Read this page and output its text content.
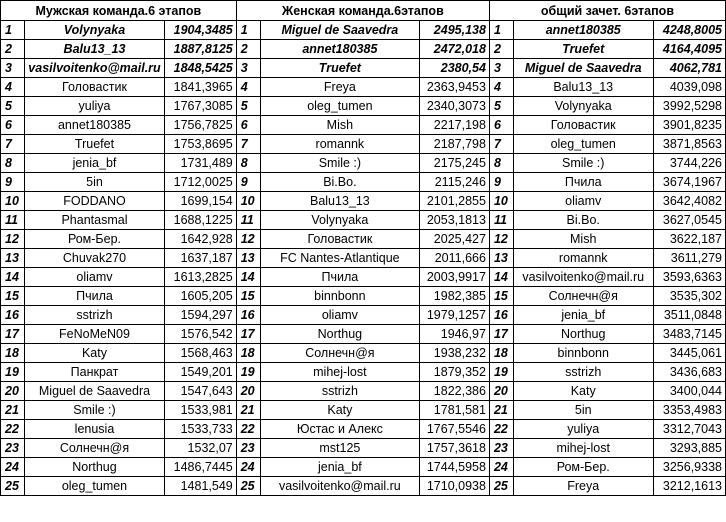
Мужская команда.6 этапов			Женская команда.6этапов			общий зачет. 6этапов		
1	Volynyaka	1904,3485	1	Miguel de Saavedra	2495,138	1	annet180385	4248,8005
2	Balu13_13	1887,8125	2	annet180385	2472,018	2	Truefet	4164,4095
3	vasilvoitenko@mail.ru	1848,5425	3	Truefet	2380,54	3	Miguel de Saavedra	4062,781
4	Головастик	1841,3965	4	Freya	2363,9453	4	Balu13_13	4039,098
5	yuliya	1767,3085	5	oleg_tumen	2340,3073	5	Volynyaka	3992,5298
6	annet180385	1756,7825	6	Mish	2217,198	6	Головастик	3901,8235
7	Truefet	1753,8695	7	romannk	2187,798	7	oleg_tumen	3871,8563
8	jenia_bf	1731,489	8	Smile :)	2175,245	8	Smile :)	3744,226
9	5in	1712,0025	9	Bi.Bo.	2115,246	9	Пчила	3674,1967
10	FODDANO	1699,154	10	Balu13_13	2101,2855	10	oliamv	3642,4082
11	Phantasmal	1688,1225	11	Volynyaka	2053,1813	11	Bi.Bo.	3627,0545
12	Ром-Бер.	1642,928	12	Головастик	2025,427	12	Mish	3622,187
13	Chuvak270	1637,187	13	FC Nantes-Atlantique	2011,666	13	romannk	3611,279
14	oliamv	1613,2825	14	Пчила	2003,9917	14	vasilvoitenko@mail.ru	3593,6363
15	Пчила	1605,205	15	binnbonn	1982,385	15	Солнечн@я	3535,302
16	sstrizh	1594,297	16	oliamv	1979,1257	16	jenia_bf	3511,0848
17	FeNoMeN09	1576,542	17	Northug	1946,97	17	Northug	3483,7145
18	Katy	1568,463	18	Солнечн@я	1938,232	18	binnbonn	3445,061
19	Панкрат	1549,201	19	mihej-lost	1879,352	19	sstrizh	3436,683
20	Miguel de Saavedra	1547,643	20	sstrizh	1822,386	20	Katy	3400,044
21	Smile :)	1533,981	21	Katy	1781,581	21	5in	3353,4983
22	lenusia	1533,733	22	Юстас и Алекс	1767,5546	22	yuliya	3312,7043
23	Солнечн@я	1532,07	23	mst125	1757,3618	23	mihej-lost	3293,885
24	Northug	1486,7445	24	jenia_bf	1744,5958	24	Ром-Бер.	3256,9338
25	oleg_tumen	1481,549	25	vasilvoitenko@mail.ru	1710,0938	25	Freya	3212,1613
